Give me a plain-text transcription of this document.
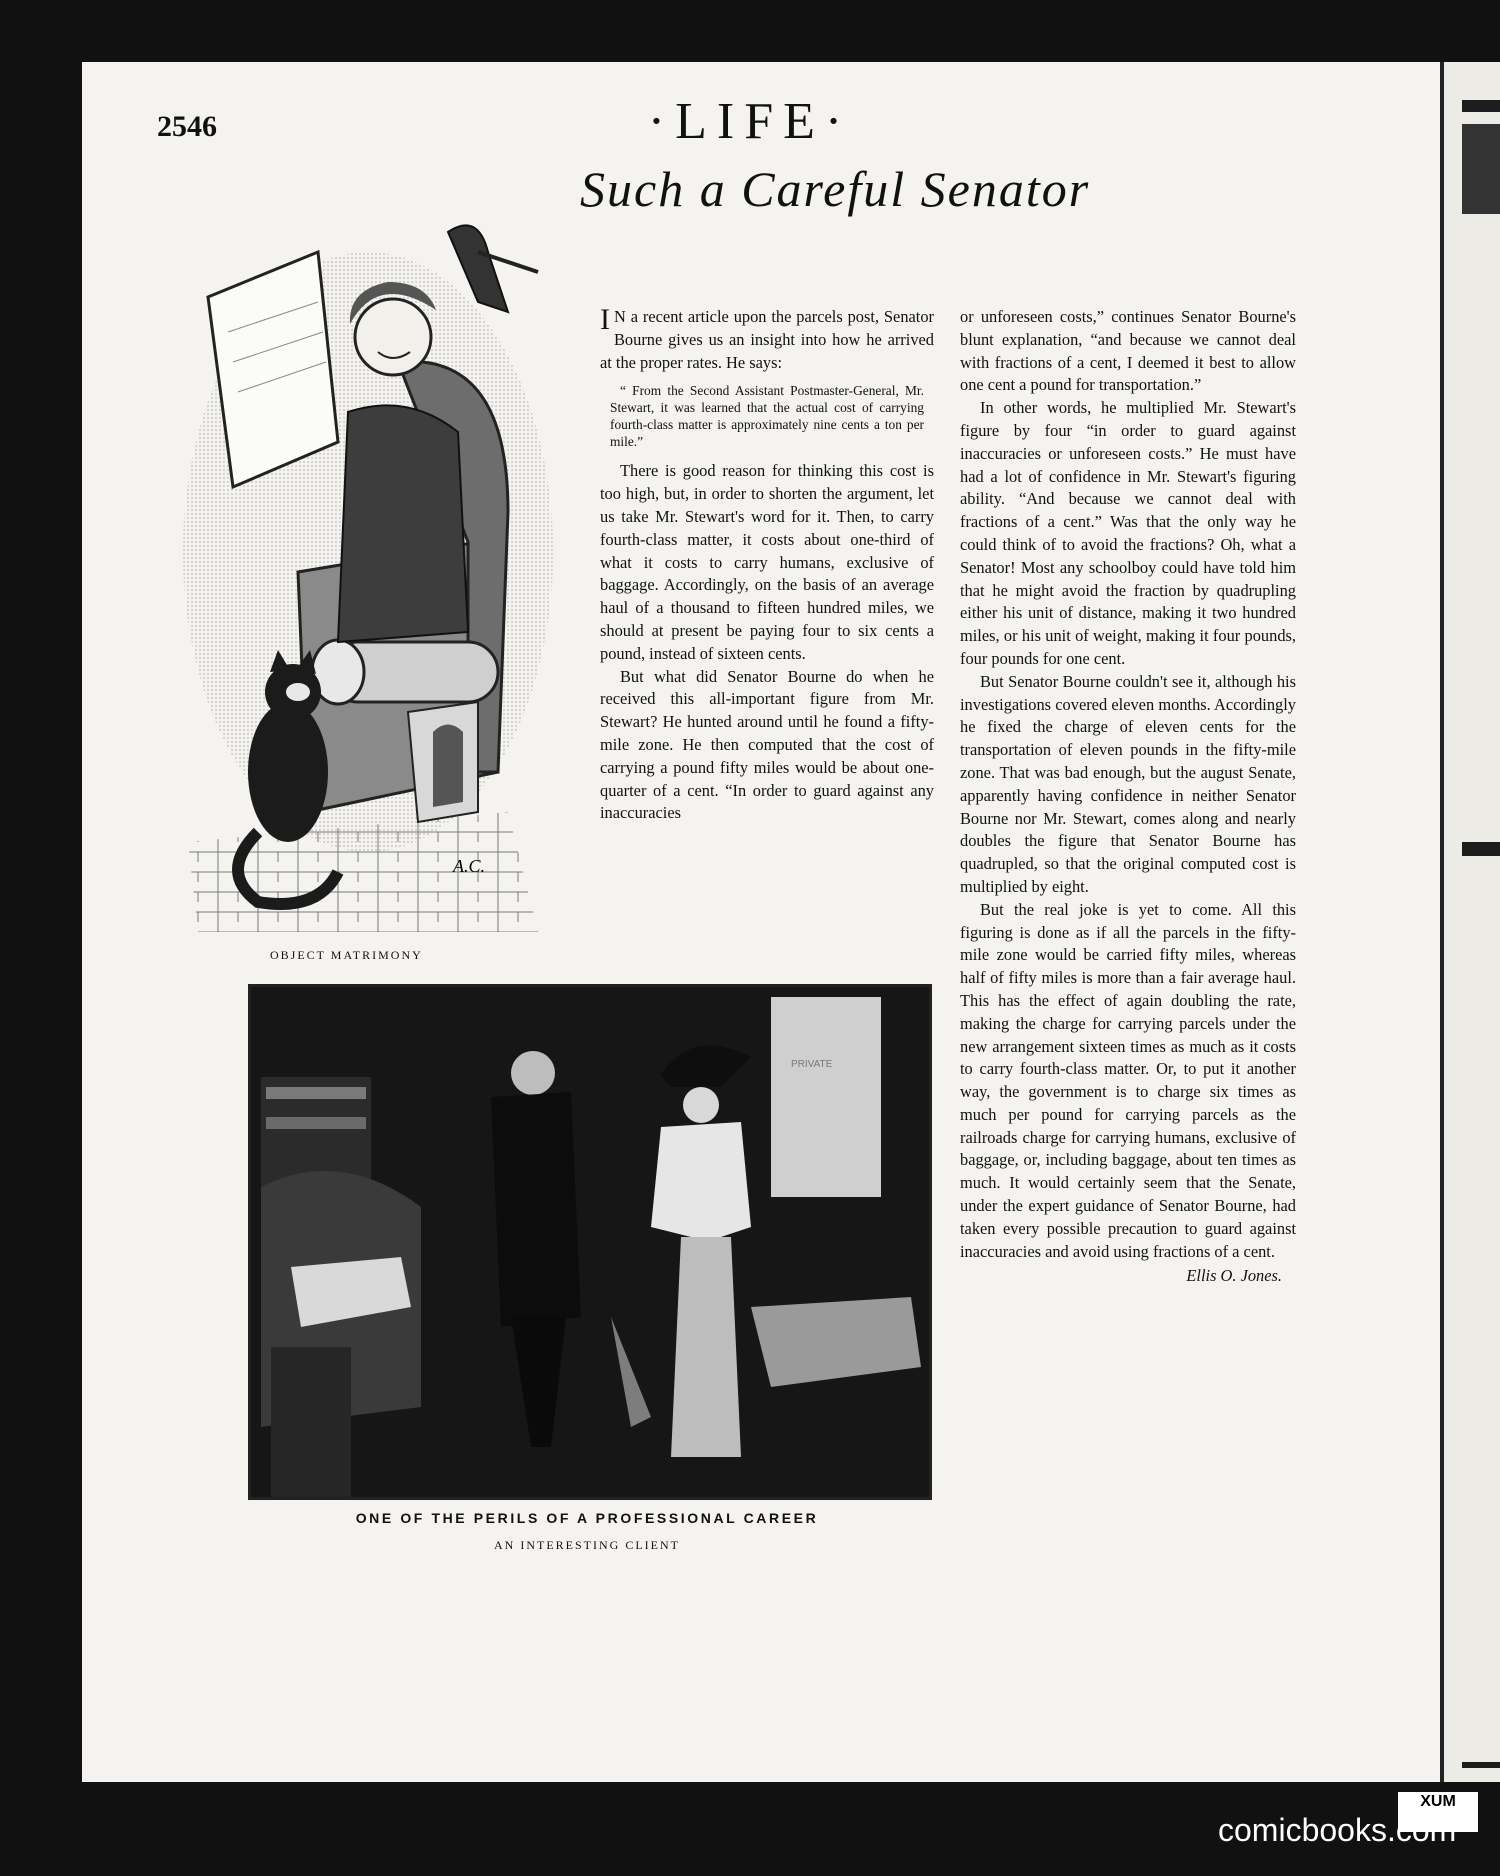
2546	·LIFE·
Such a Careful Senator
A.C.
OBJECT MATRIMONY

I N a recent article upon the parcels post, Senator Bourne gives us an insight into how he arrived at the proper rates. He says:

“ From the Second Assistant Postmaster-General, Mr. Stewart, it was learned that the actual cost of carrying fourth-class matter is approximately nine cents a ton per mile.”

There is good reason for thinking this cost is too high, but, in order to shorten the argument, let us take Mr. Stewart's word for it. Then, to carry fourth-class matter, it costs about one-third of what it costs to carry humans, exclusive of baggage. Accordingly, on the basis of an average haul of a thousand to fifteen hundred miles, we should at present be paying four to six cents a pound, instead of sixteen cents.

But what did Senator Bourne do when he received this all-important figure from Mr. Stewart? He hunted around until he found a fifty-mile zone. He then computed that the cost of carrying a pound fifty miles would be about one-quarter of a cent. “In order to guard against any inaccuracies

or unforeseen costs,” continues Senator Bourne's blunt explanation, “and because we cannot deal with fractions of a cent, I deemed it best to allow one cent a pound for transportation.”

In other words, he multiplied Mr. Stewart's figure by four “in order to guard against inaccuracies or unforeseen costs.” He must have had a lot of confidence in Mr. Stewart's figuring ability. “And because we cannot deal with fractions of a cent.” Was that the only way he could think of to avoid the fractions? Oh, what a Senator! Most any schoolboy could have told him that he might avoid the fraction by quadrupling either his unit of distance, making it two hundred miles, or his unit of weight, making it four pounds, four pounds for one cent.

But Senator Bourne couldn't see it, although his investigations covered eleven months. Accordingly he fixed the charge of eleven cents for the transportation of eleven pounds in the fifty-mile zone. That was bad enough, but the august Senate, apparently having confidence in neither Senator Bourne nor Mr. Stewart, comes along and nearly doubles the figure that Senator Bourne has quadrupled, so that the original computed cost is multiplied by eight.

But the real joke is yet to come. All this figuring is done as if all the parcels in the fifty-mile zone would be carried fifty miles, whereas half of fifty miles is more than a fair average haul. This has the effect of again doubling the rate, making the charge for carrying parcels under the new arrangement sixteen times as much as it costs to carry fourth-class matter. Or, to put it another way, the government is to charge six times as much per pound for carrying parcels as the railroads charge for carrying humans, exclusive of baggage, or, including baggage, about ten times as much. It would certainly seem that the Senate, under the expert guidance of Senator Bourne, had taken every possible precaution to guard against inaccuracies and avoid using fractions of a cent.

Ellis O. Jones.
PRIVATE
ONE OF THE PERILS OF A PROFESSIONAL CAREER
AN INTERESTING CLIENT
XUM
comicbooks.com
